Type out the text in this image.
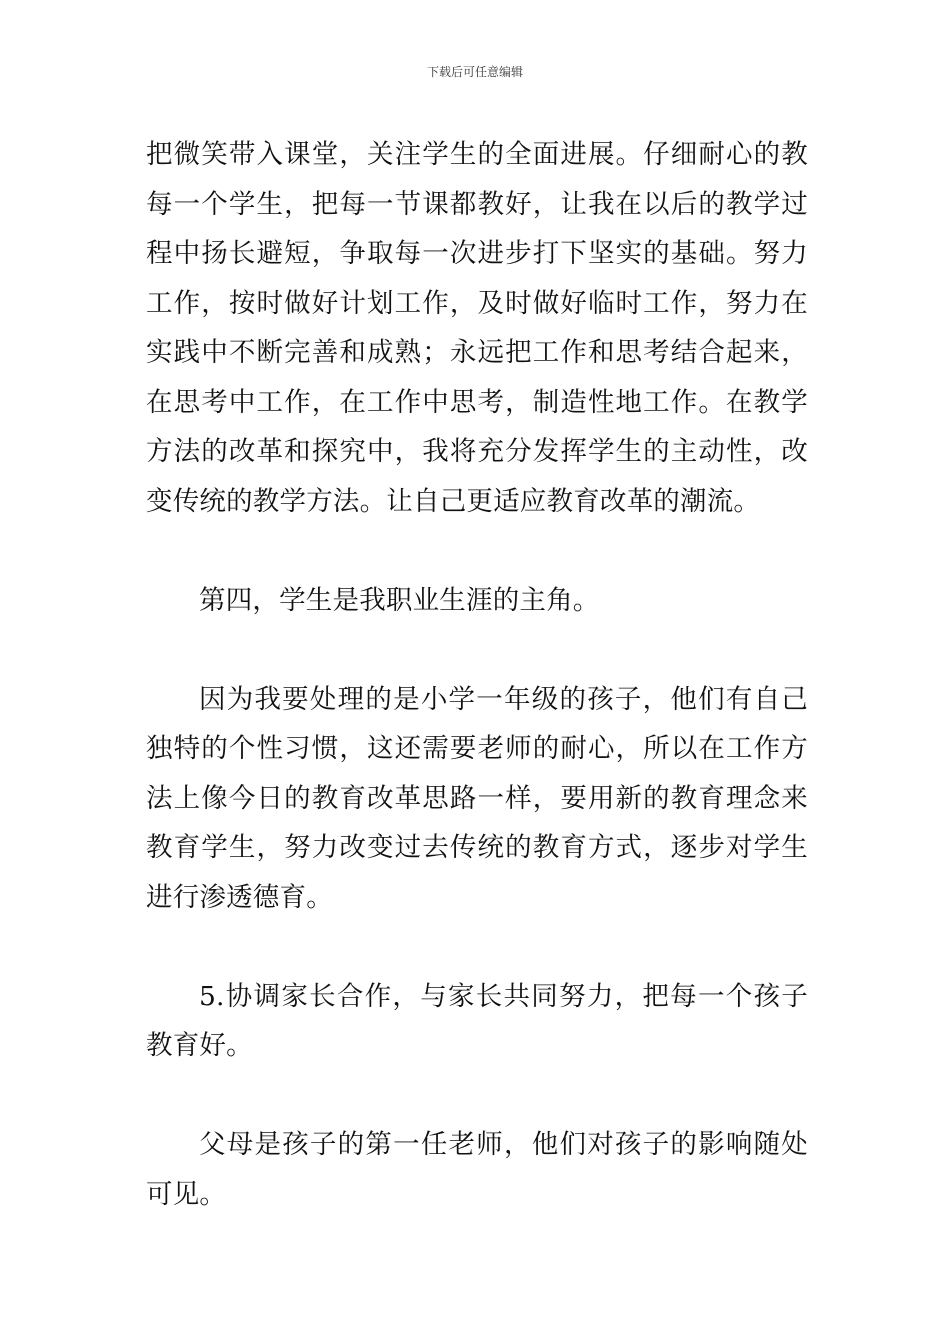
下载后可任意编辑

把微笑带入课堂，关注学生的全面进展。仔细耐心的教每一个学生，把每一节课都教好，让我在以后的教学过程中扬长避短，争取每一次进步打下坚实的基础。努力工作，按时做好计划工作，及时做好临时工作，努力在实践中不断完善和成熟；永远把工作和思考结合起来，在思考中工作，在工作中思考，制造性地工作。在教学方法的改革和探究中，我将充分发挥学生的主动性，改变传统的教学方法。让自己更适应教育改革的潮流。

第四，学生是我职业生涯的主角。

因为我要处理的是小学一年级的孩子，他们有自己独特的个性习惯，这还需要老师的耐心，所以在工作方法上像今日的教育改革思路一样，要用新的教育理念来教育学生，努力改变过去传统的教育方式，逐步对学生进行渗透德育。

5.协调家长合作，与家长共同努力，把每一个孩子教育好。

父母是孩子的第一任老师，他们对孩子的影响随处可见。
